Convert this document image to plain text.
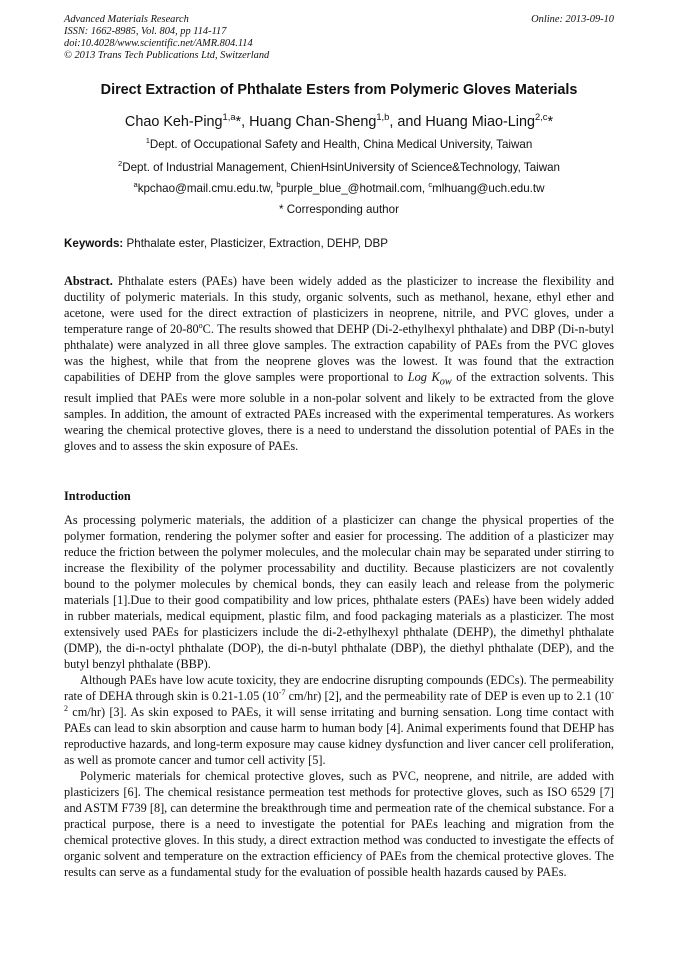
Advanced Materials Research
ISSN: 1662-8985, Vol. 804, pp 114-117
doi:10.4028/www.scientific.net/AMR.804.114
© 2013 Trans Tech Publications Ltd, Switzerland
Online: 2013-09-10
Direct Extraction of Phthalate Esters from Polymeric Gloves Materials
Chao Keh-Ping$^{1,a}$*, Huang Chan-Sheng$^{1,b}$, and Huang Miao-Ling$^{2,c}$*
$^1$Dept. of Occupational Safety and Health, China Medical University, Taiwan
$^2$Dept. of Industrial Management, ChienHsinUniversity of Science&Technology, Taiwan
$^a$kpchao@mail.cmu.edu.tw, $^b$purple_blue_@hotmail.com, $^c$mlhuang@uch.edu.tw
* Corresponding author
Keywords: Phthalate ester, Plasticizer, Extraction, DEHP, DBP
Abstract. Phthalate esters (PAEs) have been widely added as the plasticizer to increase the flexibility and ductility of polymeric materials. In this study, organic solvents, such as methanol, hexane, ethyl ether and acetone, were used for the direct extraction of plasticizers in neoprene, nitrile, and PVC gloves, under a temperature range of 20-80$^o$C. The results showed that DEHP (Di-2-ethylhexyl phthalate) and DBP (Di-n-butyl phthalate) were analyzed in all three glove samples. The extraction capability of PAEs from the PVC gloves was the highest, while that from the neoprene gloves was the lowest. It was found that the extraction capabilities of DEHP from the glove samples were proportional to Log $K_{ow}$ of the extraction solvents. This result implied that PAEs were more soluble in a non-polar solvent and likely to be extracted from the glove samples. In addition, the amount of extracted PAEs increased with the experimental temperatures. As workers wearing the chemical protective gloves, there is a need to understand the dissolution potential of PAEs in the gloves and to assess the skin exposure of PAEs.
Introduction

As processing polymeric materials, the addition of a plasticizer can change the physical properties of the polymer formation, rendering the polymer softer and easier for processing. The addition of a plasticizer may reduce the friction between the polymer molecules, and the molecular chain may be separated under stirring to increase the flexibility of the polymer processability and ductility. Because plasticizers are not covalently bound to the polymer molecules by chemical bonds, they can easily leach and release from the polymeric materials [1].Due to their good compatibility and low prices, phthalate esters (PAEs) have been widely added in rubber materials, medical equipment, plastic film, and food packaging materials as a plasticizer. The most extensively used PAEs for plasticizers include the di-2-ethylhexyl phthalate (DEHP), the dimethyl phthalate (DMP), the di-n-octyl phthalate (DOP), the di-n-butyl phthalate (DBP), the diethyl phthalate (DEP), and the butyl benzyl phthalate (BBP).

Although PAEs have low acute toxicity, they are endocrine disrupting compounds (EDCs). The permeability rate of DEHA through skin is 0.21-1.05 ($10^{-7}$ cm/hr) [2], and the permeability rate of DEP is even up to 2.1 ($10^{-2}$ cm/hr) [3]. As skin exposed to PAEs, it will sense irritating and burning sensation. Long time contact with PAEs can lead to skin absorption and cause harm to human body [4]. Animal experiments found that DEHP has reproductive hazards, and long-term exposure may cause kidney dysfunction and liver cancer cell proliferation, as well as promote cancer and tumor cell activity [5].

Polymeric materials for chemical protective gloves, such as PVC, neoprene, and nitrile, are added with plasticizers [6]. The chemical resistance permeation test methods for protective gloves, such as ISO 6529 [7] and ASTM F739 [8], can determine the breakthrough time and permeation rate of the chemical substance. For a practical purpose, there is a need to investigate the potential for PAEs leaching and migration from the chemical protective gloves. In this study, a direct extraction method was conducted to investigate the effects of organic solvent and temperature on the extraction efficiency of PAEs from the chemical protective gloves. The results can serve as a fundamental study for the evaluation of possible health hazards caused by PAEs.
